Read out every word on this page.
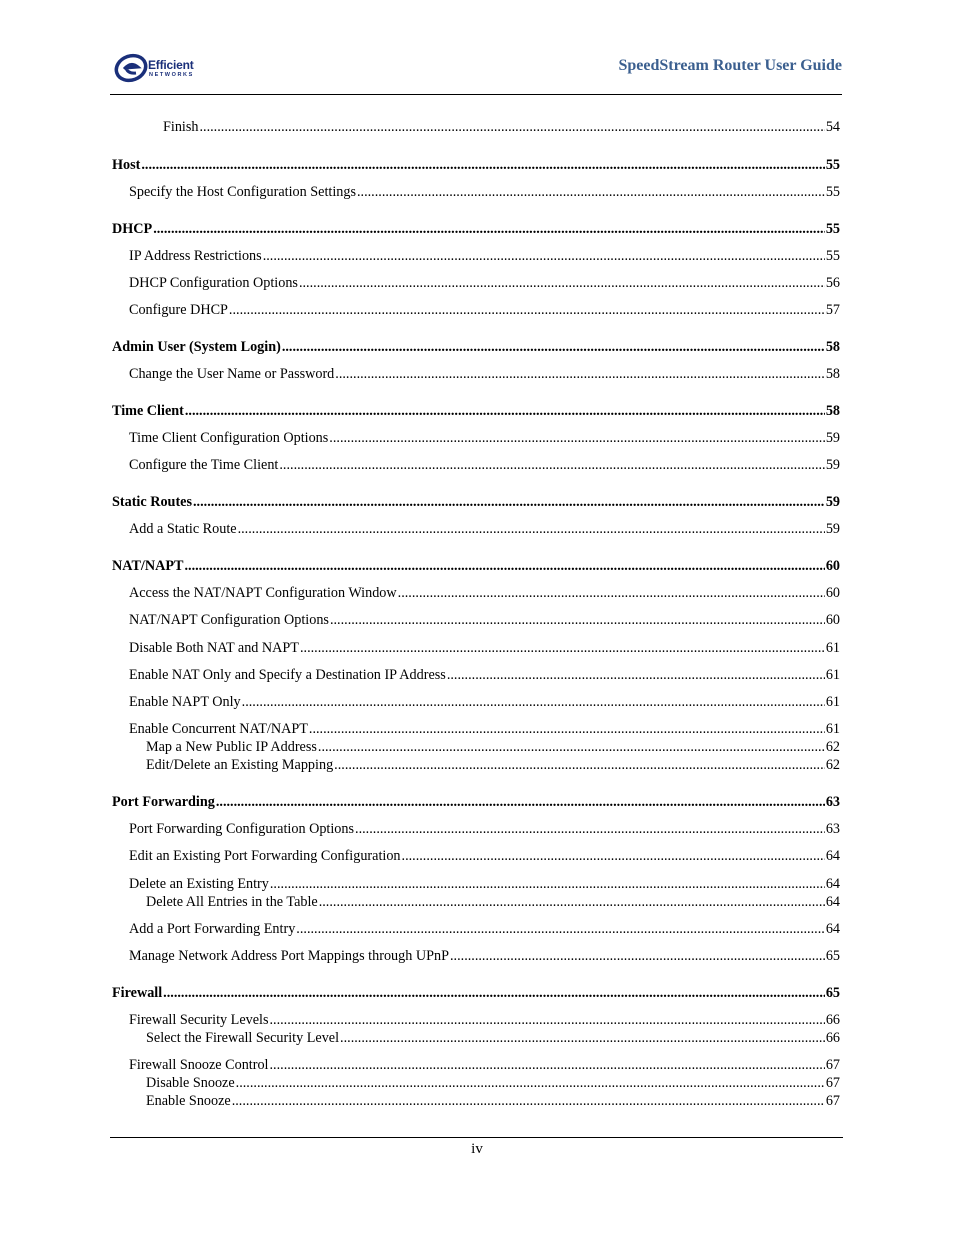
Efficient
NETWORKS
SpeedStream Router User Guide
Finish .....	54
Host .....	55
Specify the Host Configuration Settings .....	55
DHCP .....	55
IP Address Restrictions .....	55
DHCP Configuration Options .....	56
Configure DHCP .....	57
Admin User (System Login) .....	58
Change the User Name or Password .....	58
Time Client .....	58
Time Client Configuration Options .....	59
Configure the Time Client .....	59
Static Routes .....	59
Add a Static Route .....	59
NAT/NAPT .....	60
Access the NAT/NAPT Configuration Window .....	60
NAT/NAPT Configuration Options .....	60
Disable Both NAT and NAPT .....	61
Enable NAT Only and Specify a Destination IP Address .....	61
Enable NAPT Only .....	61
Enable Concurrent NAT/NAPT .....	61
Map a New Public IP Address .....	62
Edit/Delete an Existing Mapping .....	62
Port Forwarding .....	63
Port Forwarding Configuration Options .....	63
Edit an Existing Port Forwarding Configuration .....	64
Delete an Existing Entry .....	64
Delete All Entries in the Table .....	64
Add a Port Forwarding Entry .....	64
Manage Network Address Port Mappings through UPnP .....	65
Firewall .....	65
Firewall Security Levels .....	66
Select the Firewall Security Level .....	66
Firewall Snooze Control .....	67
Disable Snooze .....	67
Enable Snooze .....	67
iv
